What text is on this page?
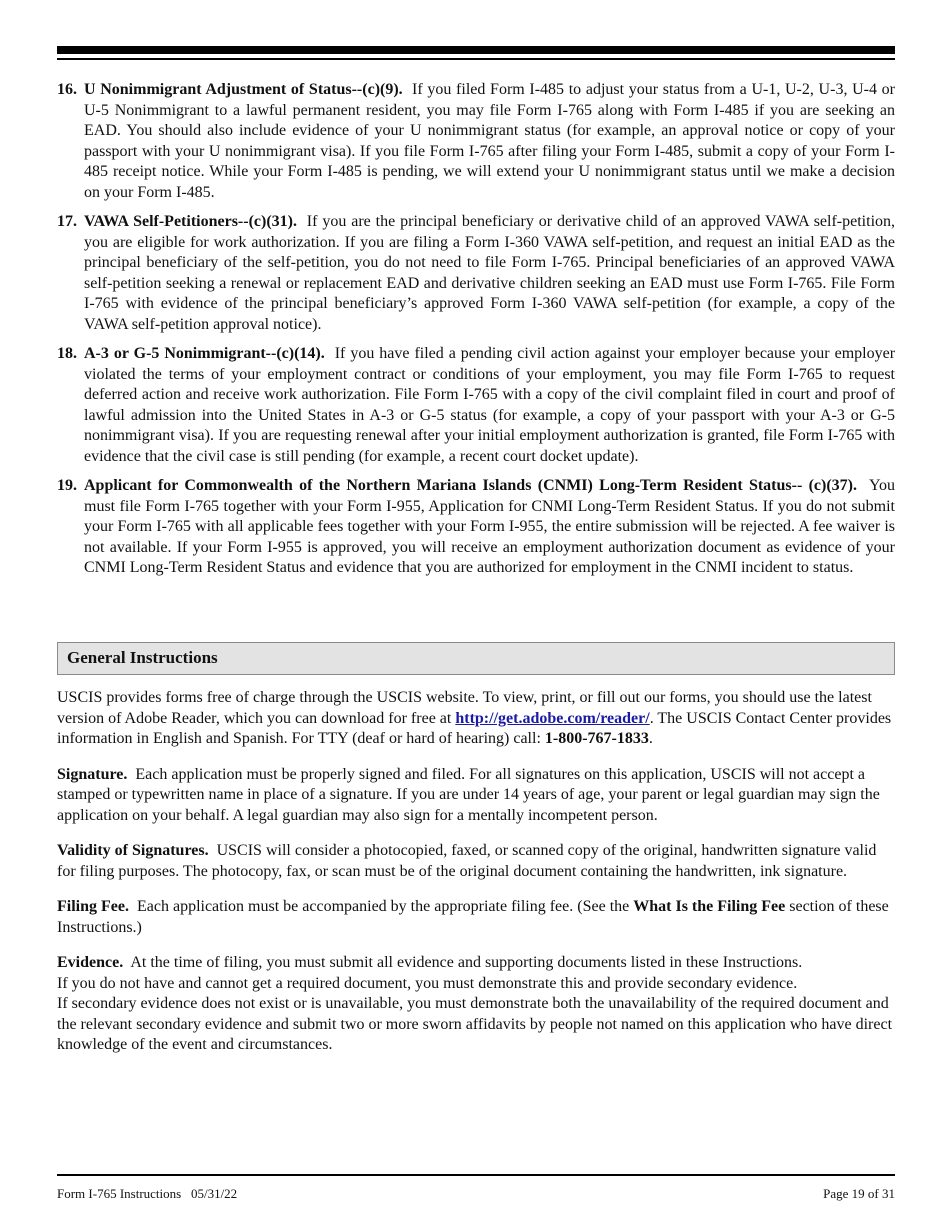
16. U Nonimmigrant Adjustment of Status--(c)(9). If you filed Form I-485 to adjust your status from a U-1, U-2, U-3, U-4 or U-5 Nonimmigrant to a lawful permanent resident, you may file Form I-765 along with Form I-485 if you are seeking an EAD. You should also include evidence of your U nonimmigrant status (for example, an approval notice or copy of your passport with your U nonimmigrant visa). If you file Form I-765 after filing your Form I-485, submit a copy of your Form I-485 receipt notice. While your Form I-485 is pending, we will extend your U nonimmigrant status until we make a decision on your Form I-485.
17. VAWA Self-Petitioners--(c)(31). If you are the principal beneficiary or derivative child of an approved VAWA self-petition, you are eligible for work authorization. If you are filing a Form I-360 VAWA self-petition, and request an initial EAD as the principal beneficiary of the self-petition, you do not need to file Form I-765. Principal beneficiaries of an approved VAWA self-petition seeking a renewal or replacement EAD and derivative children seeking an EAD must use Form I-765. File Form I-765 with evidence of the principal beneficiary’s approved Form I-360 VAWA self-petition (for example, a copy of the VAWA self-petition approval notice).
18. A-3 or G-5 Nonimmigrant--(c)(14). If you have filed a pending civil action against your employer because your employer violated the terms of your employment contract or conditions of your employment, you may file Form I-765 to request deferred action and receive work authorization. File Form I-765 with a copy of the civil complaint filed in court and proof of lawful admission into the United States in A-3 or G-5 status (for example, a copy of your passport with your A-3 or G-5 nonimmigrant visa). If you are requesting renewal after your initial employment authorization is granted, file Form I-765 with evidence that the civil case is still pending (for example, a recent court docket update).
19. Applicant for Commonwealth of the Northern Mariana Islands (CNMI) Long-Term Resident Status-- (c)(37). You must file Form I-765 together with your Form I-955, Application for CNMI Long-Term Resident Status. If you do not submit your Form I-765 with all applicable fees together with your Form I-955, the entire submission will be rejected. A fee waiver is not available. If your Form I-955 is approved, you will receive an employment authorization document as evidence of your CNMI Long-Term Resident Status and evidence that you are authorized for employment in the CNMI incident to status.
General Instructions

USCIS provides forms free of charge through the USCIS website. To view, print, or fill out our forms, you should use the latest version of Adobe Reader, which you can download for free at http://get.adobe.com/reader/. The USCIS Contact Center provides information in English and Spanish. For TTY (deaf or hard of hearing) call: 1-800-767-1833.

Signature. Each application must be properly signed and filed. For all signatures on this application, USCIS will not accept a stamped or typewritten name in place of a signature. If you are under 14 years of age, your parent or legal guardian may sign the application on your behalf. A legal guardian may also sign for a mentally incompetent person.

Validity of Signatures. USCIS will consider a photocopied, faxed, or scanned copy of the original, handwritten signature valid for filing purposes. The photocopy, fax, or scan must be of the original document containing the handwritten, ink signature.

Filing Fee. Each application must be accompanied by the appropriate filing fee. (See the What Is the Filing Fee section of these Instructions.)

Evidence. At the time of filing, you must submit all evidence and supporting documents listed in these Instructions.
If you do not have and cannot get a required document, you must demonstrate this and provide secondary evidence.
If secondary evidence does not exist or is unavailable, you must demonstrate both the unavailability of the required document and the relevant secondary evidence and submit two or more sworn affidavits by people not named on this application who have direct knowledge of the event and circumstances.

Form I-765 Instructions   05/31/22	Page 19 of 31
